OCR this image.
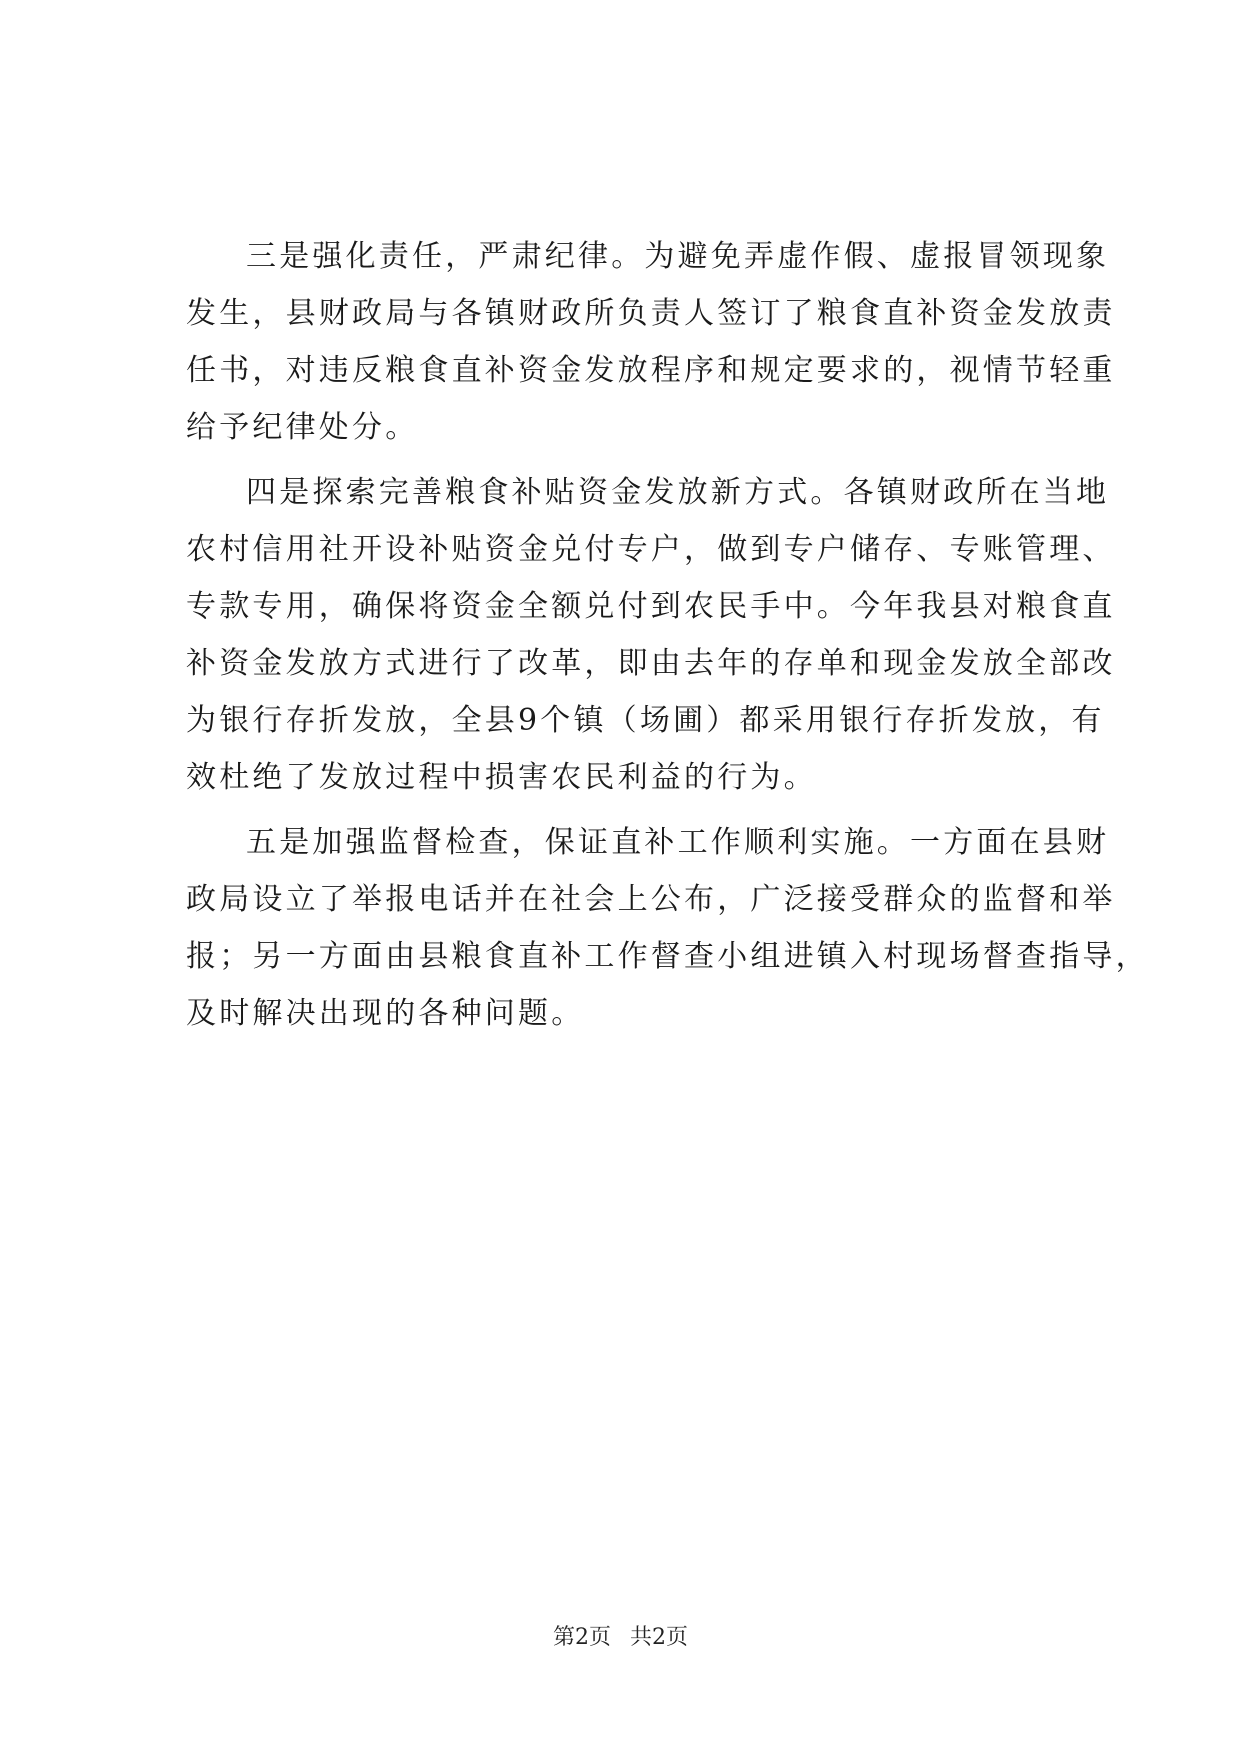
三是强化责任，严肃纪律。为避免弄虚作假、虚报冒领现象
发生，县财政局与各镇财政所负责人签订了粮食直补资金发放责
任书，对违反粮食直补资金发放程序和规定要求的，视情节轻重
给予纪律处分。

四是探索完善粮食补贴资金发放新方式。各镇财政所在当地
农村信用社开设补贴资金兑付专户，做到专户储存、专账管理、
专款专用，确保将资金全额兑付到农民手中。今年我县对粮食直
补资金发放方式进行了改革，即由去年的存单和现金发放全部改
为银行存折发放，全县9个镇（场圃）都采用银行存折发放，有
效杜绝了发放过程中损害农民利益的行为。

五是加强监督检查，保证直补工作顺利实施。一方面在县财
政局设立了举报电话并在社会上公布，广泛接受群众的监督和举
报；另一方面由县粮食直补工作督查小组进镇入村现场督查指导，
及时解决出现的各种问题。

第2页 共2页
